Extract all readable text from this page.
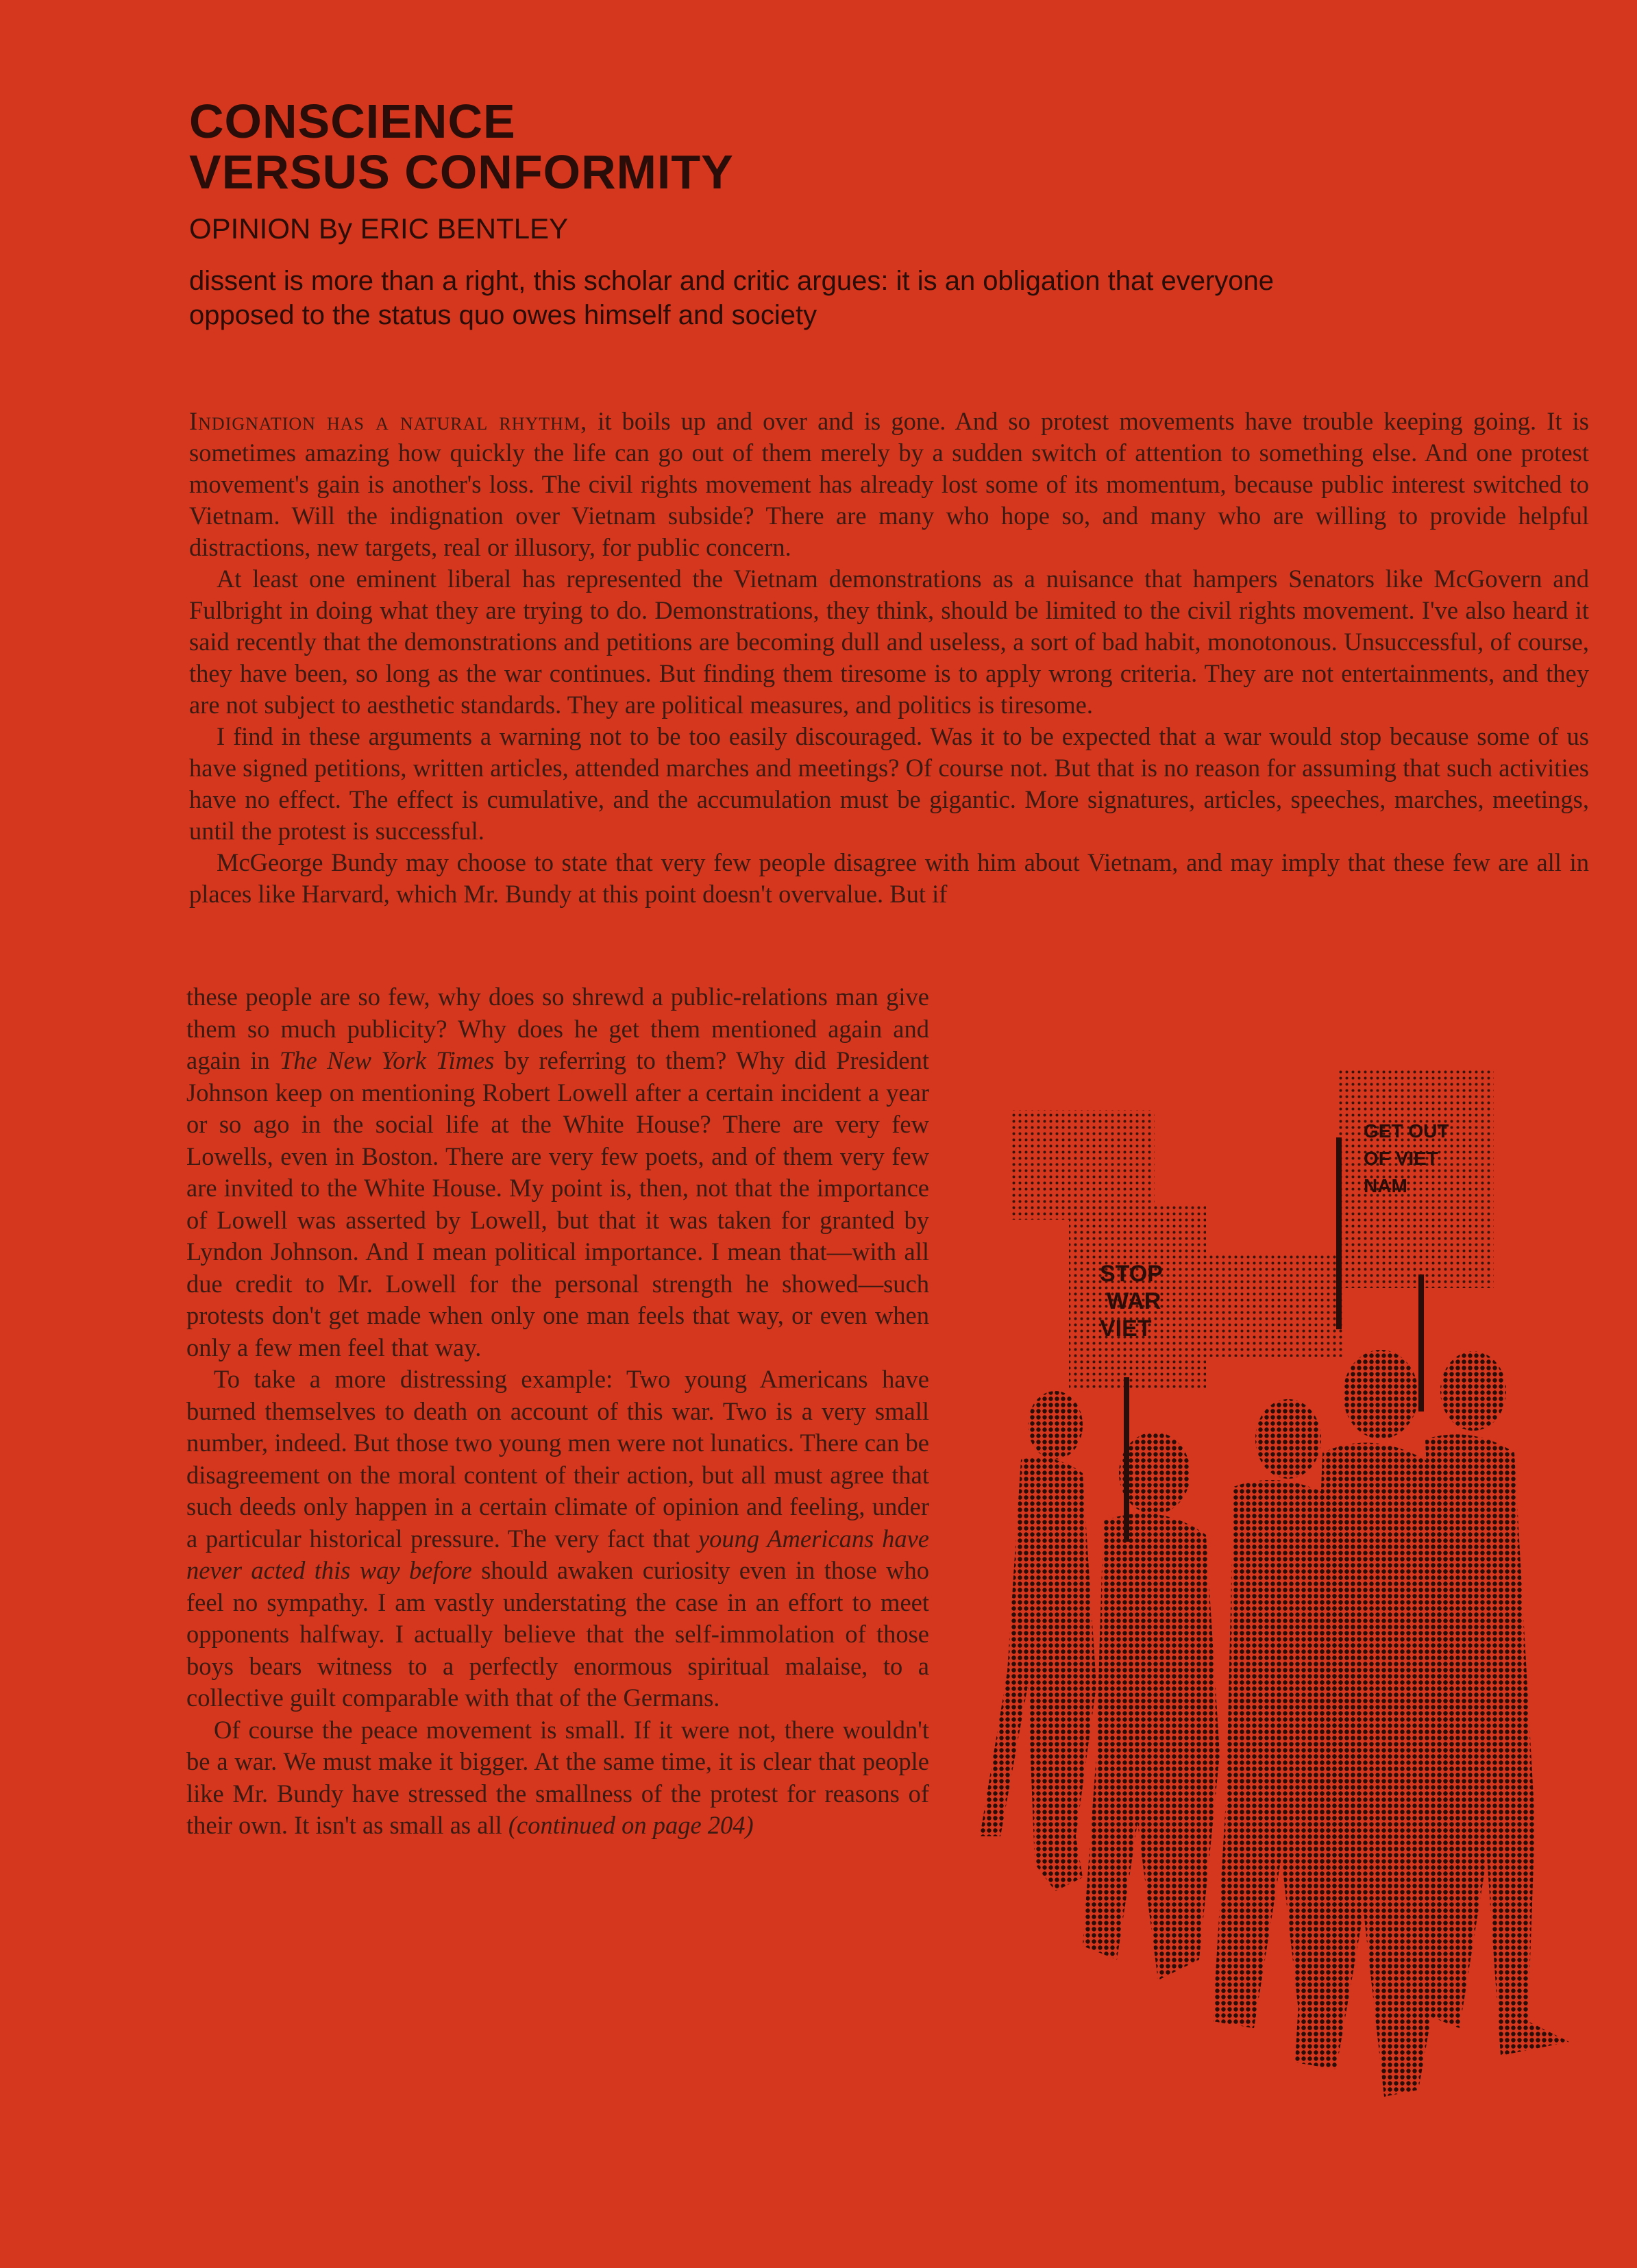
CONSCIENCE
VERSUS CONFORMITY
OPINION By ERIC BENTLEY
dissent is more than a right, this scholar and critic argues: it is an obligation that everyone opposed to the status quo owes himself and society

Indignation has a natural rhythm, it boils up and over and is gone. And so protest movements have trouble keeping going. It is sometimes amazing how quickly the life can go out of them merely by a sudden switch of attention to something else. And one protest movement's gain is another's loss. The civil rights movement has already lost some of its momentum, because public interest switched to Vietnam. Will the indignation over Vietnam subside? There are many who hope so, and many who are willing to provide helpful distractions, new targets, real or illusory, for public concern.

At least one eminent liberal has represented the Vietnam demonstrations as a nuisance that hampers Senators like McGovern and Fulbright in doing what they are trying to do. Demonstrations, they think, should be limited to the civil rights movement. I've also heard it said recently that the demonstrations and petitions are becoming dull and useless, a sort of bad habit, monotonous. Unsuccessful, of course, they have been, so long as the war continues. But finding them tiresome is to apply wrong criteria. They are not entertainments, and they are not subject to aesthetic standards. They are political measures, and politics is tiresome.

I find in these arguments a warning not to be too easily discouraged. Was it to be expected that a war would stop because some of us have signed petitions, written articles, attended marches and meetings? Of course not. But that is no reason for assuming that such activities have no effect. The effect is cumulative, and the accumulation must be gigantic. More signatures, articles, speeches, marches, meetings, until the protest is successful.

McGeorge Bundy may choose to state that very few people disagree with him about Vietnam, and may imply that these few are all in places like Harvard, which Mr. Bundy at this point doesn't overvalue. But if

these people are so few, why does so shrewd a public-relations man give them so much publicity? Why does he get them mentioned again and again in The New York Times by referring to them? Why did President Johnson keep on mentioning Robert Lowell after a certain incident a year or so ago in the social life at the White House? There are very few Lowells, even in Boston. There are very few poets, and of them very few are invited to the White House. My point is, then, not that the importance of Lowell was asserted by Lowell, but that it was taken for granted by Lyndon Johnson. And I mean political importance. I mean that—with all due credit to Mr. Lowell for the personal strength he showed—such protests don't get made when only one man feels that way, or even when only a few men feel that way.

To take a more distressing example: Two young Americans have burned themselves to death on account of this war. Two is a very small number, indeed. But those two young men were not lunatics. There can be disagreement on the moral content of their action, but all must agree that such deeds only happen in a certain climate of opinion and feeling, under a particular historical pressure. The very fact that young Americans have never acted this way before should awaken curiosity even in those who feel no sympathy. I am vastly understating the case in an effort to meet opponents halfway. I actually believe that the self-immolation of those boys bears witness to a perfectly enormous spiritual malaise, to a collective guilt comparable with that of the Germans.

Of course the peace movement is small. If it were not, there wouldn't be a war. We must make it bigger. At the same time, it is clear that people like Mr. Bundy have stressed the smallness of the protest for reasons of their own. It isn't as small as all (continued on page 204)

STOP WAR VIET
GET OUT OF VIET NAM
